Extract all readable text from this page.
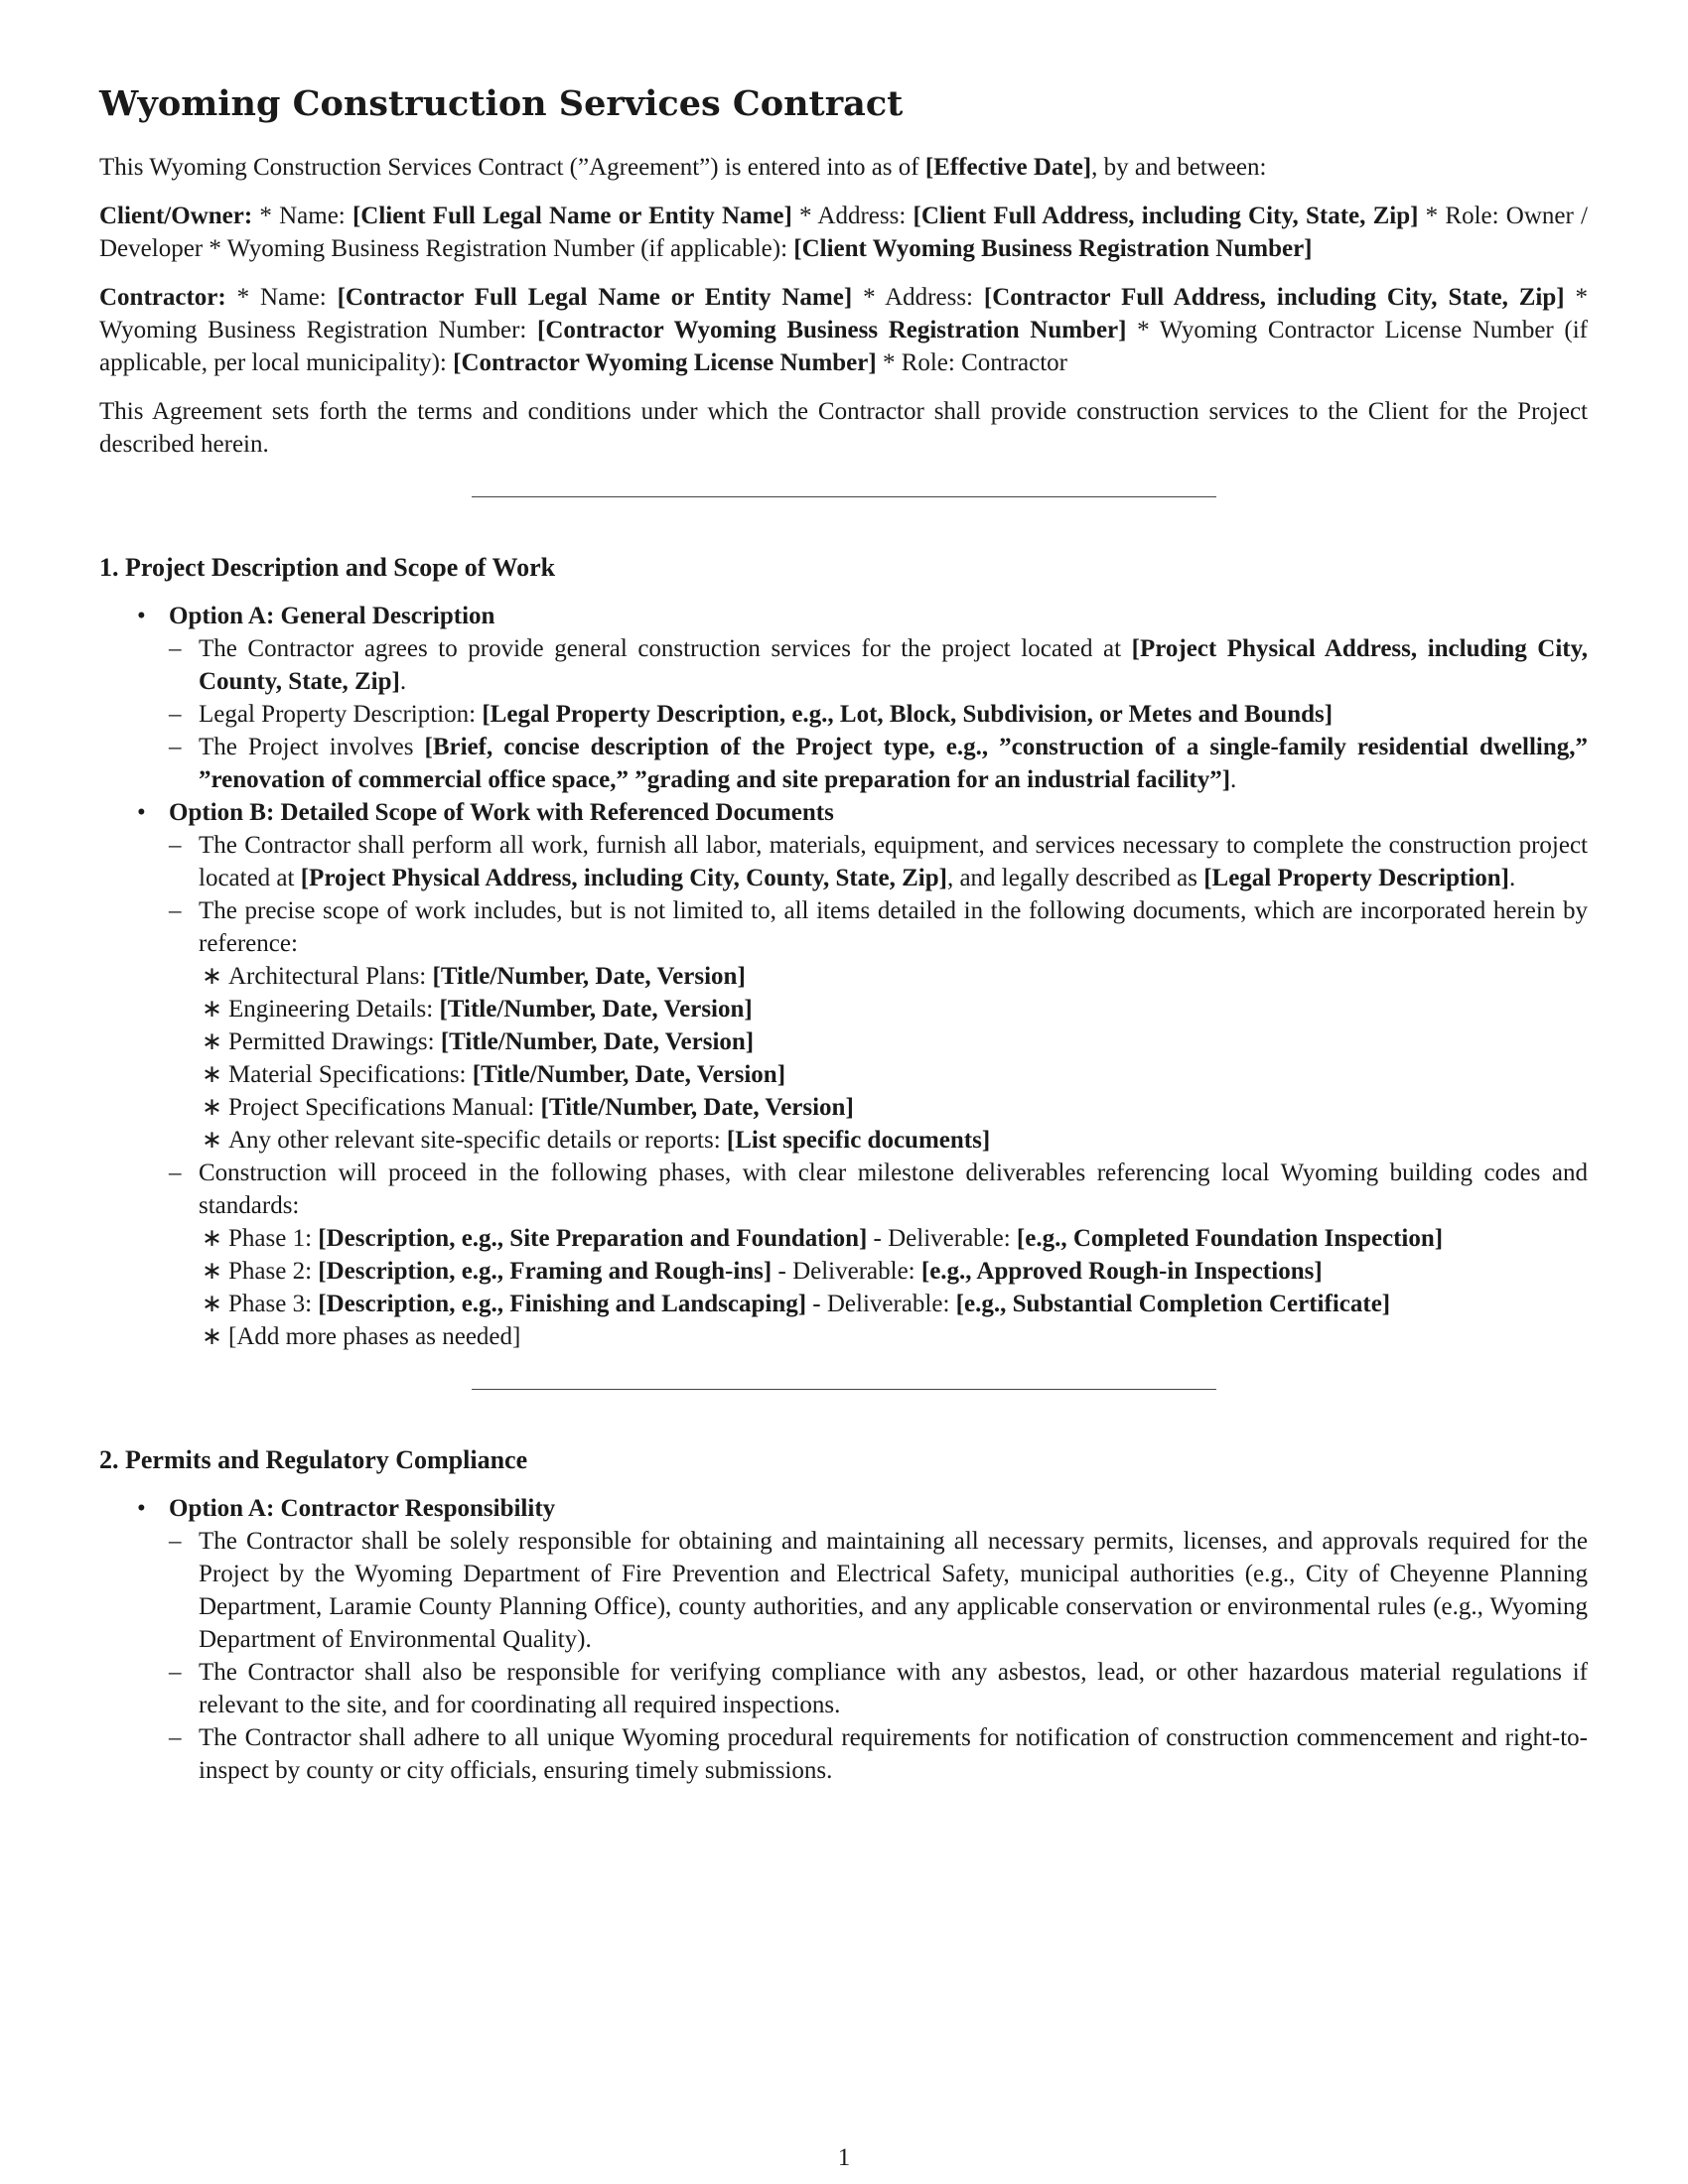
Wyoming Construction Services Contract

This Wyoming Construction Services Contract (”Agreement”) is entered into as of [Effective Date], by and between:

Client/Owner: * Name: [Client Full Legal Name or Entity Name] * Address: [Client Full Address, including City, State, Zip] * Role: Owner / Developer * Wyoming Business Registration Number (if applicable): [Client Wyoming Business Registration Number]

Contractor: * Name: [Contractor Full Legal Name or Entity Name] * Address: [Contractor Full Address, including City, State, Zip] * Wyoming Business Registration Number: [Contractor Wyoming Business Registration Number] * Wyoming Contractor License Number (if applicable, per local municipality): [Contractor Wyoming License Number] * Role: Contractor

This Agreement sets forth the terms and conditions under which the Contractor shall provide construction services to the Client for the Project described herein.

1. Project Description and Scope of Work
• Option A: General Description
– The Contractor agrees to provide general construction services for the project located at [Project Physical Address, including City, County, State, Zip].
– Legal Property Description: [Legal Property Description, e.g., Lot, Block, Subdivision, or Metes and Bounds]
– The Project involves [Brief, concise description of the Project type, e.g., ”construction of a single-family residential dwelling,” ”renovation of commercial office space,” ”grading and site preparation for an industrial facility”].
• Option B: Detailed Scope of Work with Referenced Documents
– The Contractor shall perform all work, furnish all labor, materials, equipment, and services necessary to complete the construction project located at [Project Physical Address, including City, County, State, Zip], and legally described as [Legal Property Description].
– The precise scope of work includes, but is not limited to, all items detailed in the following documents, which are incorporated herein by reference:
∗ Architectural Plans: [Title/Number, Date, Version]
∗ Engineering Details: [Title/Number, Date, Version]
∗ Permitted Drawings: [Title/Number, Date, Version]
∗ Material Specifications: [Title/Number, Date, Version]
∗ Project Specifications Manual: [Title/Number, Date, Version]
∗ Any other relevant site-specific details or reports: [List specific documents]
– Construction will proceed in the following phases, with clear milestone deliverables referencing local Wyoming building codes and standards:
∗ Phase 1: [Description, e.g., Site Preparation and Foundation] - Deliverable: [e.g., Completed Foundation Inspection]
∗ Phase 2: [Description, e.g., Framing and Rough-ins] - Deliverable: [e.g., Approved Rough-in Inspections]
∗ Phase 3: [Description, e.g., Finishing and Landscaping] - Deliverable: [e.g., Substantial Completion Certificate]
∗ [Add more phases as needed]
2. Permits and Regulatory Compliance
• Option A: Contractor Responsibility
– The Contractor shall be solely responsible for obtaining and maintaining all necessary permits, licenses, and approvals required for the Project by the Wyoming Department of Fire Prevention and Electrical Safety, municipal authorities (e.g., City of Cheyenne Planning Department, Laramie County Planning Office), county authorities, and any applicable conservation or environmental rules (e.g., Wyoming Department of Environmental Quality).
– The Contractor shall also be responsible for verifying compliance with any asbestos, lead, or other hazardous material regulations if relevant to the site, and for coordinating all required inspections.
– The Contractor shall adhere to all unique Wyoming procedural requirements for notification of construction commencement and right-to-inspect by county or city officials, ensuring timely submissions.
1
